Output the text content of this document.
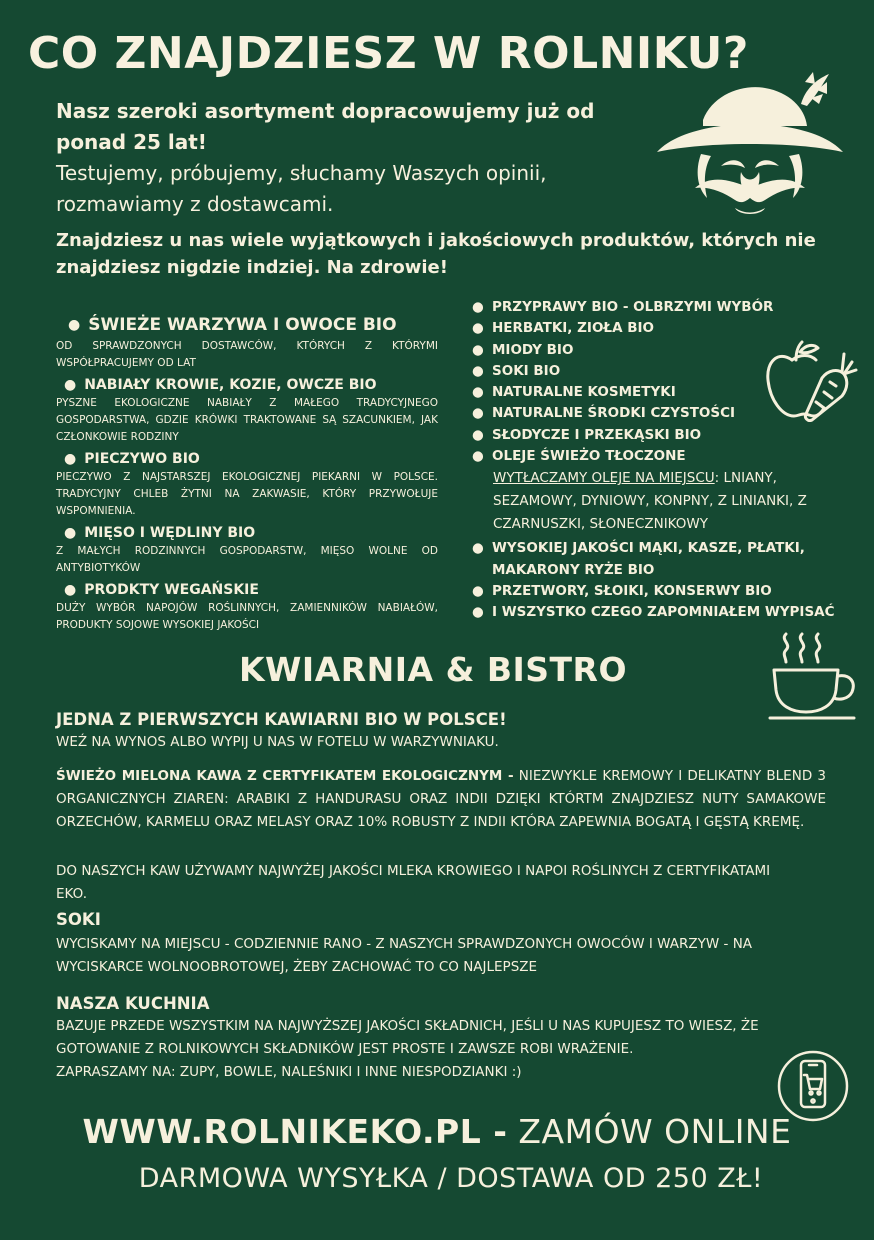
CO ZNAJDZIESZ W ROLNIKU?
Nasz szeroki asortyment dopracowujemy już od ponad 25 lat!
Testujemy, próbujemy, słuchamy Waszych opinii, rozmawiamy z dostawcami.
Znajdziesz u nas wiele wyjątkowych i jakościowych produktów, których nie znajdziesz nigdzie indziej. Na zdrowie!
● ŚWIEŻE WARZYWA I OWOCE BIO
OD SPRAWDZONYCH DOSTAWCÓW, KTÓRYCH Z KTÓRYMI WSPÓŁPRACUJEMY OD LAT
● NABIAŁY KROWIE, KOZIE, OWCZE BIO
PYSZNE EKOLOGICZNE NABIAŁY Z MAŁEGO TRADYCYJNEGO GOSPODARSTWA, GDZIE KRÓWKI TRAKTOWANE SĄ SZACUNKIEM, JAK CZŁONKOWIE RODZINY
● PIECZYWO BIO
PIECZYWO Z NAJSTARSZEJ EKOLOGICZNEJ PIEKARNI W POLSCE. TRADYCYJNY CHLEB ŻYTNI NA ZAKWASIE, KTÓRY PRZYWOŁUJE WSPOMNIENIA.
● MIĘSO I WĘDLINY BIO
Z MAŁYCH RODZINNYCH GOSPODARSTW, MIĘSO WOLNE OD ANTYBIOTYKÓW
● PRODKTY WEGAŃSKIE
DUŻY WYBÓR NAPOJÓW ROŚLINNYCH, ZAMIENNIKÓW NABIAŁÓW, PRODUKTY SOJOWE WYSOKIEJ JAKOŚCI
● PRZYPRAWY BIO - OLBRZYMI WYBÓR
● HERBATKI, ZIOŁA BIO
● MIODY BIO
● SOKI BIO
● NATURALNE KOSMETYKI
● NATURALNE ŚRODKI CZYSTOŚCI
● SŁODYCZE I PRZEKĄSKI BIO
● OLEJE ŚWIEŻO TŁOCZONE
WYTŁACZAMY OLEJE NA MIEJSCU: LNIANY, SEZAMOWY, DYNIOWY, KONPNY, Z LINIANKI, Z CZARNUSZKI, SŁONECZNIKOWY
● WYSOKIEJ JAKOŚCI MĄKI, KASZE, PŁATKI, MAKARONY RYŻE BIO
● PRZETWORY, SŁOIKI, KONSERWY BIO
● I WSZYSTKO CZEGO ZAPOMNIAŁEM WYPISAĆ
KWIARNIA & BISTRO
JEDNA Z PIERWSZYCH KAWIARNI BIO W POLSCE!
WEŹ NA WYNOS ALBO WYPIJ U NAS W FOTELU W WARZYWNIAKU.
ŚWIEŻO MIELONA KAWA Z CERTYFIKATEM EKOLOGICZNYM - NIEZWYKLE KREMOWY I DELIKATNY BLEND 3 ORGANICZNYCH ZIAREN: ARABIKI Z HANDURASU ORAZ INDII DZIĘKI KTÓRTM ZNAJDZIESZ NUTY SAMAKOWE ORZECHÓW, KARMELU ORAZ MELASY ORAZ 10% ROBUSTY Z INDII KTÓRA ZAPEWNIA BOGATĄ I GĘSTĄ KREMĘ.
DO NASZYCH KAW UŻYWAMY NAJWYŻEJ JAKOŚCI MLEKA KROWIEGO I NAPOI ROŚLINYCH Z CERTYFIKATAMI EKO.
SOKI
WYCISKAMY NA MIEJSCU - CODZIENNIE RANO - Z NASZYCH SPRAWDZONYCH OWOCÓW I WARZYW - NA WYCISKARCE WOLNOOBROTOWEJ, ŻEBY ZACHOWAĆ TO CO NAJLEPSZE
NASZA KUCHNIA
BAZUJE PRZEDE WSZYSTKIM NA NAJWYŻSZEJ JAKOŚCI SKŁADNICH, JEŚLI U NAS KUPUJESZ TO WIESZ, ŻE GOTOWANIE Z ROLNIKOWYCH SKŁADNIKÓW JEST PROSTE I ZAWSZE ROBI WRAŻENIE.
ZAPRASZAMY NA: ZUPY, BOWLE, NALEŚNIKI I INNE NIESPODZIANKI :)
WWW.ROLNIKEKO.PL - ZAMÓW ONLINE
DARMOWA WYSYŁKA / DOSTAWA OD 250 ZŁ!
